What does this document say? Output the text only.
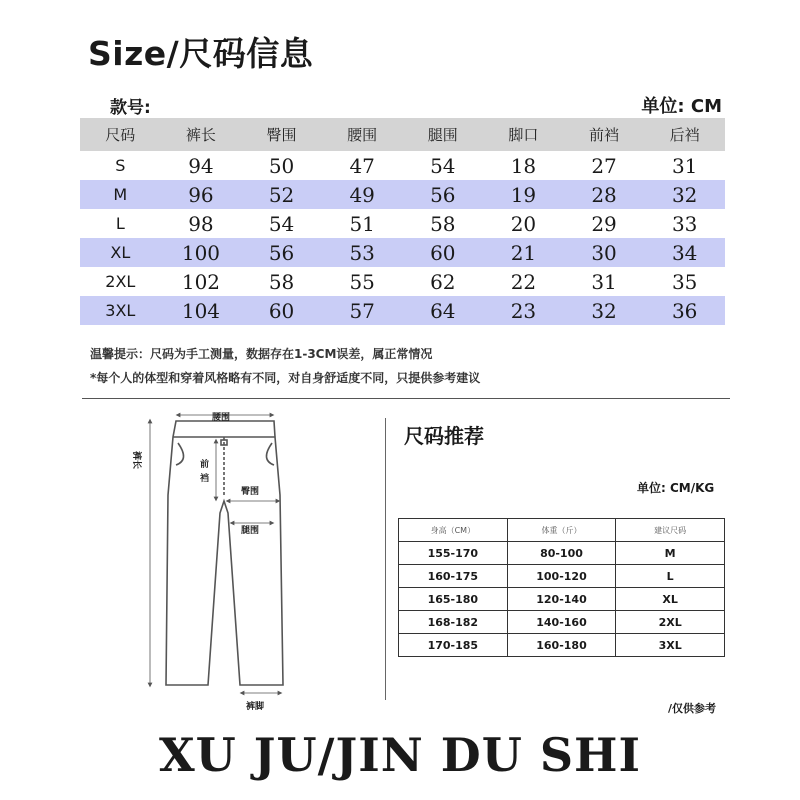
Size/尺码信息
款号:	单位: CM
尺码	裤长	臀围	腰围	腿围	脚口	前裆	后裆
S	94	50	47	54	18	27	31
M	96	52	49	56	19	28	32
L	98	54	51	58	20	29	33
XL	100	56	53	60	21	30	34
2XL	102	58	55	62	22	31	35
3XL	104	60	57	64	23	32	36
温馨提示：尺码为手工测量，数据存在1-3CM误差，属正常情况
*每个人的体型和穿着风格略有不同，对自身舒适度不同，只提供参考建议
腰围
裤长	前
裆
臀围
腿围
裤脚
尺码推荐
单位: CM/KG
身高（CM）	体重（斤）	建议尺码
155-170	80-100	M
160-175	100-120	L
165-180	120-140	XL
168-182	140-160	2XL
170-185	160-180	3XL
/仅供参考
XU JU/JIN DU SHI
